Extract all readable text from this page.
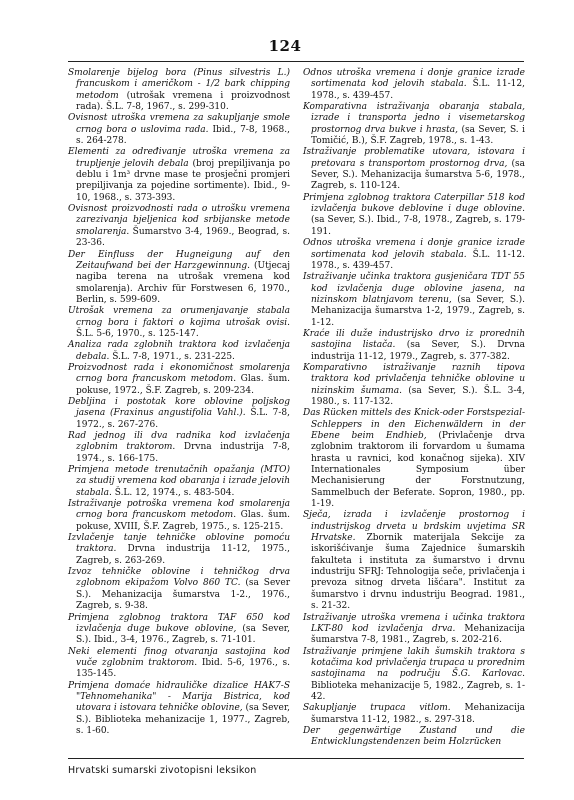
124

Smolarenje bijelog bora (Pinus silvestris L.) francuskom i američkom - 1/2 bark chipping metodom (utrošak vremena i proizvodnost rada). Š.L. 7-8, 1967., s. 299-310.

Ovisnost utroška vremena za sakupljanje smole crnog bora o uslovima rada. Ibid., 7-8, 1968., s. 264-278.

Elementi za određivanje utroška vremena za trupljenje jelovih debala (broj prepiljivanja po deblu i 1m³ drvne mase te prosječni promjeri prepiljivanja za pojedine sortimente). Ibid., 9-10, 1968., s. 373-393.

Ovisnost proizvodnosti rada o utrošku vremena zarezivanja bjeljenica kod srbijanske metode smolarenja. Šumarstvo 3-4, 1969., Beograd, s. 23-36.

Der Einfluss der Hugneigung auf den Zeitaufwand bei der Harzgewinnung. (Utjecaj nagiba terena na utrošak vremena kod smolarenja). Archiv für Forstwesen 6, 1970., Berlin, s. 599-609.

Utrošak vremena za orumenjavanje stabala crnog bora i faktori o kojima utrošak ovisi. Š.L. 5-6, 1970., s. 125-147.

Analiza rada zglobnih traktora kod izvlačenja debala. Š.L. 7-8, 1971., s. 231-225.

Proizvodnost rada i ekonomičnost smolarenja crnog bora francuskom metodom. Glas. šum. pokuse, 1972., Š.F. Zagreb, s. 209-234.

Debljina i postotak kore oblovine poljskog jasena (Fraxinus angustifolia Vahl.). Š.L. 7-8, 1972., s. 267-276.

Rad jednog ili dva radnika kod izvlačenja zglobnim traktorom. Drvna industrija 7-8, 1974., s. 166-175.

Primjena metode trenutačnih opažanja (MTO) za studij vremena kod obaranja i izrade jelovih stabala. Š.L. 12, 1974., s. 483-504.

Istraživanje potroška vremena kod smolarenja crnog bora francuskom metodom. Glas. šum. pokuse, XVIII, Š.F. Zagreb, 1975., s. 125-215.

Izvlačenje tanje tehničke oblovine pomoću traktora. Drvna industrija 11-12, 1975., Zagreb, s. 263-269.

Izvoz tehničke oblovine i tehničkog drva zglobnom ekipažom Volvo 860 TC. (sa Sever S.). Mehanizacija šumarstva 1-2., 1976., Zagreb, s. 9-38.

Primjena zglobnog traktora TAF 650 kod izvlačenja duge bukove oblovine, (sa Sever, S.). Ibid., 3-4, 1976., Zagreb, s. 71-101.

Neki elementi finog otvaranja sastojina kod vuče zglobnim traktorom. Ibid. 5-6, 1976., s. 135-145.

Primjena domaće hidrauličke dizalice HAK7-S "Tehnomehanika" - Marija Bistrica, kod utovara i istovara tehničke oblovine, (sa Sever, S.). Biblioteka mehanizacije 1, 1977., Zagreb, s. 1-60.

Odnos utroška vremena i donje granice izrade sortimenata kod jelovih stabala. Š.L. 11-12, 1978., s. 439-457.

Komparativna istraživanja obaranja stabala, izrade i transporta jedno i visemetarskog prostornog drva bukve i hrasta, (sa Sever, S. i Tomičić, B.), Š.F. Zagreb, 1978., s. 1-43.

Istraživanje problematike utovara, istovara i pretovara s transportom prostornog drva, (sa Sever, S.). Mehanizacija šumarstva 5-6, 1978., Zagreb, s. 110-124.

Primjena zglobnog traktora Caterpillar 518 kod izvlačenja bukove deblovine i duge oblovine. (sa Sever, S.). Ibid., 7-8, 1978., Zagreb, s. 179-191.

Odnos utroška vremena i donje granice izrade sortimenata kod jelovih stabala. Š.L. 11-12. 1978., s. 439-457.

Istraživanje učinka traktora gusjeničara TDT 55 kod izvlačenja duge oblovine jasena, na nizinskom blatnjavom terenu, (sa Sever, S.). Mehanizacija šumarstva 1-2, 1979., Zagreb, s. 1-12.

Kraće ili duže industrijsko drvo iz prorednih sastojina listača. (sa Sever, S.). Drvna industrija 11-12, 1979., Zagreb, s. 377-382.

Komparativno istraživanje raznih tipova traktora kod privlačenja tehničke oblovine u nizinskim šumama. (sa Sever, S.). Š.L. 3-4, 1980., s. 117-132.

Das Rücken mittels des Knick-oder Forstspezial-Schleppers in den Eichenwäldern in der Ebene beim Endhieb, (Privlačenje drva zglobnim traktorom ili forvardom u šumama hrasta u ravnici, kod konačnog sijeka). XIV Internationales Symposium über Mechanisierung der Forstnutzung, Sammelbuch der Beferate. Sopron, 1980., pp. 1-19.

Sječa, izrada i izvlačenje prostornog i industrijskog drveta u brdskim uvjetima SR Hrvatske. Zbornik materijala Sekcije za iskorišćivanje šuma Zajednice šumarskih fakulteta i instituta za šumarstvo i drvnu industriju SFRJ: Tehnologija seče, privlačenja i prevoza sitnog drveta lišćara". Institut za šumarstvo i drvnu industriju Beograd. 1981., s. 21-32.

Istraživanje utroška vremena i učinka traktora LKT-80 kod izvlačenja drva. Mehanizacija šumarstva 7-8, 1981., Zagreb, s. 202-216.

Istraživanje primjene lakih šumskih traktora s kotačima kod privlačenja trupaca u prorednim sastojinama na području Š.G. Karlovac. Biblioteka mehanizacije 5, 1982., Zagreb, s. 1-42.

Sakupljanje trupaca vitlom. Mehanizacija šumarstva 11-12, 1982., s. 297-318.

Der gegenwärtige Zustand und die Entwicklungstendenzen beim Holzrücken

Hrvatski sumarski zivotopisni leksikon
